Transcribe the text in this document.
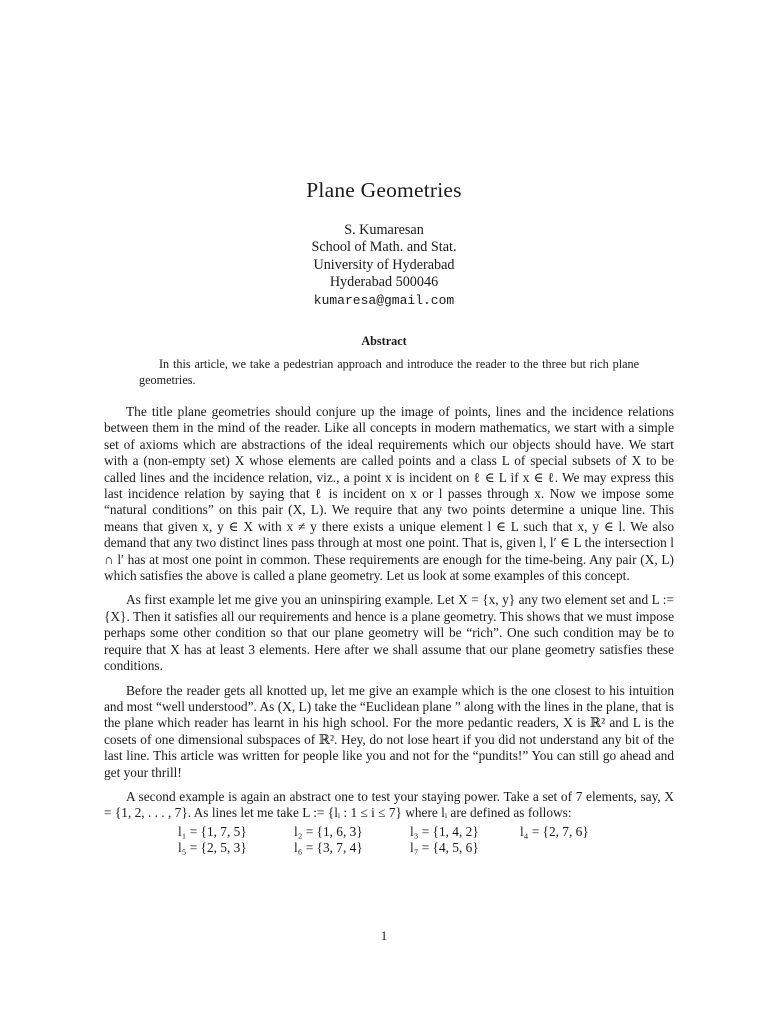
Plane Geometries
S. Kumaresan
School of Math. and Stat.
University of Hyderabad
Hyderabad 500046
kumaresa@gmail.com
Abstract
In this article, we take a pedestrian approach and introduce the reader to the three but rich plane geometries.

The title plane geometries should conjure up the image of points, lines and the incidence relations between them in the mind of the reader. Like all concepts in modern mathematics, we start with a simple set of axioms which are abstractions of the ideal requirements which our objects should have. We start with a (non-empty set) X whose elements are called points and a class L of special subsets of X to be called lines and the incidence relation, viz., a point x is incident on ℓ ∈ L if x ∈ ℓ. We may express this last incidence relation by saying that ℓ is incident on x or l passes through x. Now we impose some “natural conditions” on this pair (X, L). We require that any two points determine a unique line. This means that given x, y ∈ X with x ≠ y there exists a unique element l ∈ L such that x, y ∈ l. We also demand that any two distinct lines pass through at most one point. That is, given l, l′ ∈ L the intersection l ∩ l′ has at most one point in common. These requirements are enough for the time-being. Any pair (X, L) which satisfies the above is called a plane geometry. Let us look at some examples of this concept.

As first example let me give you an uninspiring example. Let X = {x, y} any two element set and L := {X}. Then it satisfies all our requirements and hence is a plane geometry. This shows that we must impose perhaps some other condition so that our plane geometry will be “rich”. One such condition may be to require that X has at least 3 elements. Here after we shall assume that our plane geometry satisfies these conditions.

Before the reader gets all knotted up, let me give an example which is the one closest to his intuition and most “well understood”. As (X, L) take the “Euclidean plane ” along with the lines in the plane, that is the plane which reader has learnt in his high school. For the more pedantic readers, X is ℝ² and L is the cosets of one dimensional subspaces of ℝ². Hey, do not lose heart if you did not understand any bit of the last line. This article was written for people like you and not for the “pundits!” You can still go ahead and get your thrill!

A second example is again an abstract one to test your staying power. Take a set of 7 elements, say, X = {1, 2, . . . , 7}. As lines let me take L := {lᵢ : 1 ≤ i ≤ 7} where lᵢ are defined as follows:

l₁ = {1, 7, 5}	l₂ = {1, 6, 3}	l₃ = {1, 4, 2}	l₄ = {2, 7, 6}
l₅ = {2, 5, 3}	l₆ = {3, 7, 4}	l₇ = {4, 5, 6}
1
